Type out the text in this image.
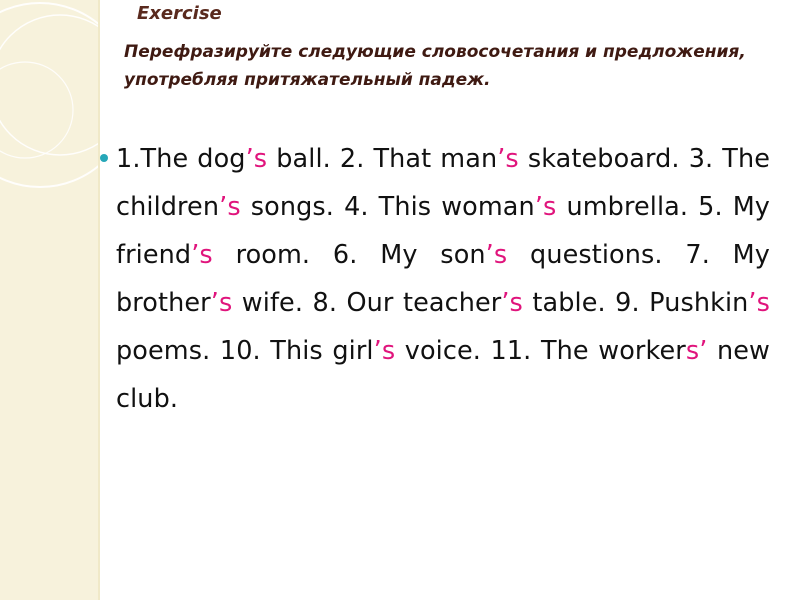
Exercise

Перефразируйте следующие словосочетания и предложения, употребляя притяжательный падеж.

1.The dog’s ball. 2. That man’s skateboard. 3. The children’s songs. 4. This woman’s umbrella. 5. My friend’s room. 6. My son’s questions. 7. My brother’s wife. 8. Our teacher’s table. 9. Pushkin’s poems. 10. This girl’s voice. 11. The workers’ new club.
